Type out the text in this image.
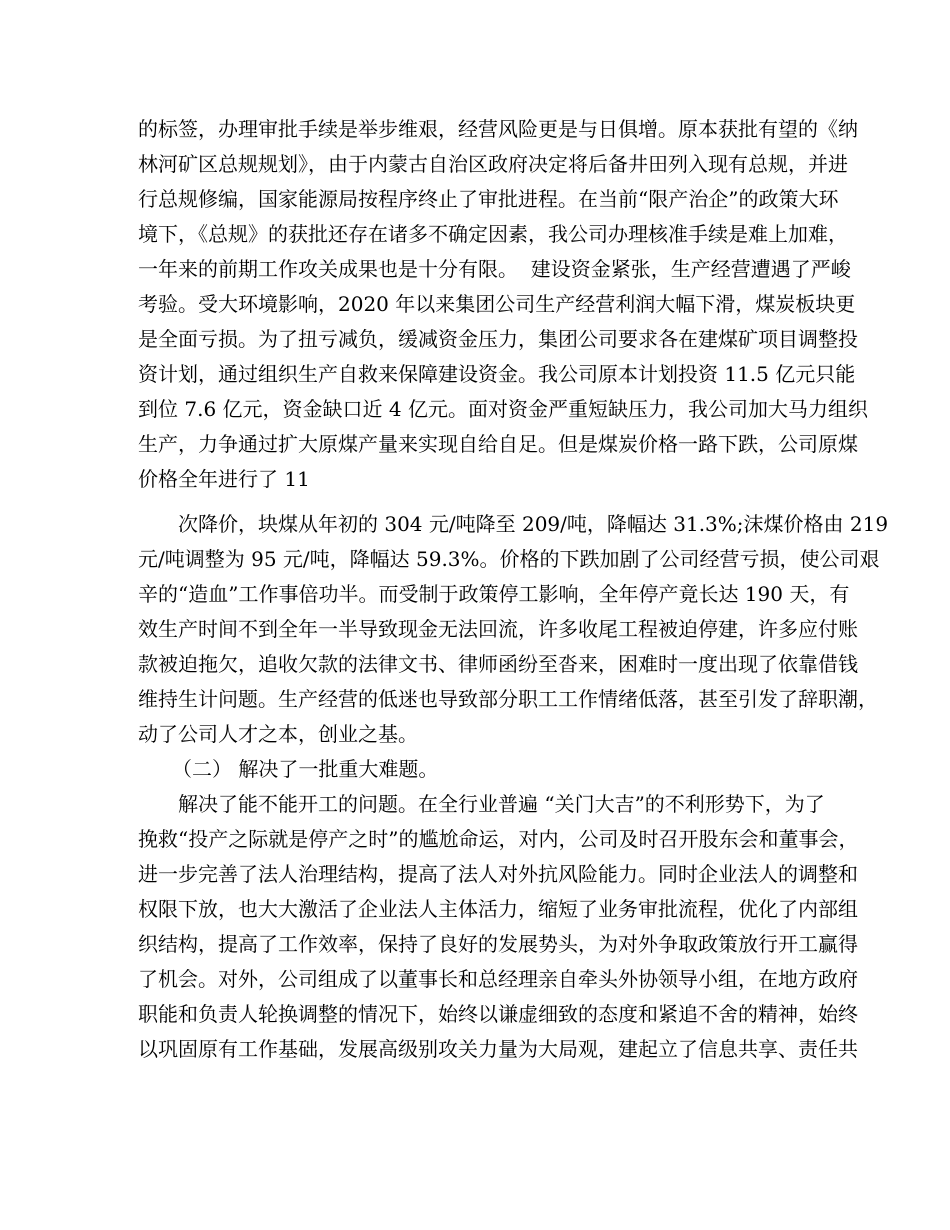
的标签，办理审批手续是举步维艰，经营风险更是与日俱增。原本获批有望的《纳
林河矿区总规规划》，由于内蒙古自治区政府决定将后备井田列入现有总规，并进
行总规修编，国家能源局按程序终止了审批进程。在当前“限产治企”的政策大环
境下，《总规》的获批还存在诸多不确定因素，我公司办理核准手续是难上加难，
一年来的前期工作攻关成果也是十分有限。  建设资金紧张，生产经营遭遇了严峻
考验。受大环境影响，2020 年以来集团公司生产经营利润大幅下滑，煤炭板块更
是全面亏损。为了扭亏减负，缓减资金压力，集团公司要求各在建煤矿项目调整投
资计划，通过组织生产自救来保障建设资金。我公司原本计划投资 11.5 亿元只能
到位 7.6 亿元，资金缺口近 4 亿元。面对资金严重短缺压力，我公司加大马力组织
生产，力争通过扩大原煤产量来实现自给自足。但是煤炭价格一路下跌，公司原煤
价格全年进行了 11
次降价，块煤从年初的 304 元/吨降至 209/吨，降幅达 31.3%;沫煤价格由 219
元/吨调整为 95 元/吨，降幅达 59.3%。价格的下跌加剧了公司经营亏损，使公司艰
辛的“造血”工作事倍功半。而受制于政策停工影响，全年停产竟长达 190 天，有
效生产时间不到全年一半导致现金无法回流，许多收尾工程被迫停建，许多应付账
款被迫拖欠，追收欠款的法律文书、律师函纷至沓来，困难时一度出现了依靠借钱
维持生计问题。生产经营的低迷也导致部分职工工作情绪低落，甚至引发了辞职潮，
动了公司人才之本，创业之基。
（二） 解决了一批重大难题。
解决了能不能开工的问题。在全行业普遍 “关门大吉”的不利形势下，为了
挽救“投产之际就是停产之时”的尴尬命运，对内，公司及时召开股东会和董事会，
进一步完善了法人治理结构，提高了法人对外抗风险能力。同时企业法人的调整和
权限下放，也大大激活了企业法人主体活力，缩短了业务审批流程，优化了内部组
织结构，提高了工作效率，保持了良好的发展势头，为对外争取政策放行开工赢得
了机会。对外，公司组成了以董事长和总经理亲自牵头外协领导小组，在地方政府
职能和负责人轮换调整的情况下，始终以谦虚细致的态度和紧追不舍的精神，始终
以巩固原有工作基础，发展高级别攻关力量为大局观，建起立了信息共享、责任共
